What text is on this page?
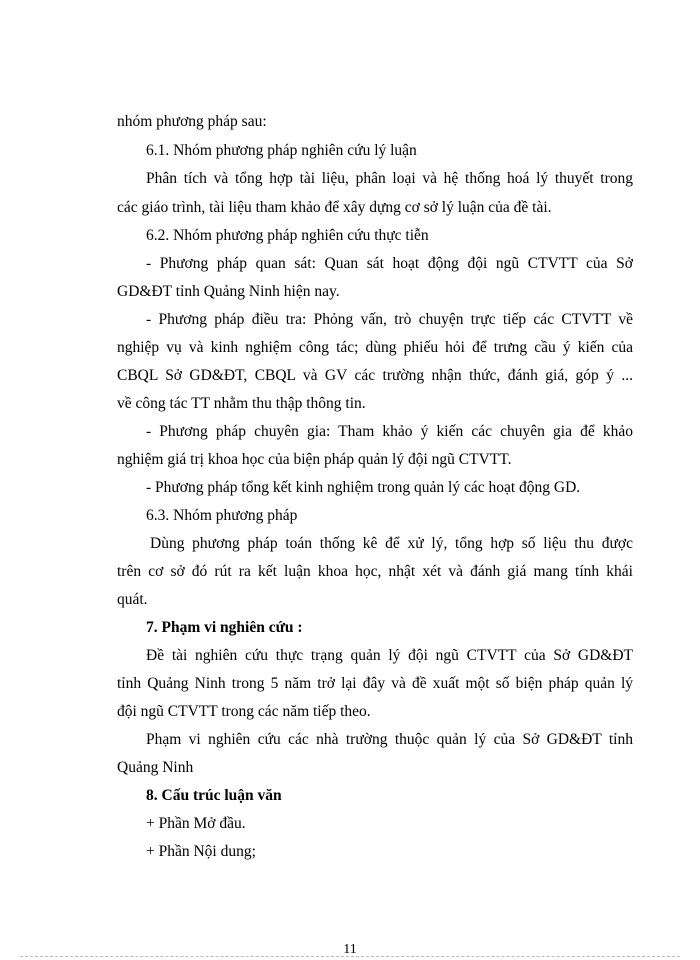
nhóm phương pháp sau:
6.1. Nhóm phương pháp nghiên cứu lý luận
Phân tích và tổng hợp tài liệu, phân loại và hệ thống hoá lý thuyết trong
các giáo trình, tài liệu tham khảo để xây dựng cơ sở lý luận của đề tài.
6.2. Nhóm phương pháp nghiên cứu thực tiễn
- Phương pháp quan sát: Quan sát hoạt động đội ngũ CTVTT của Sở
GD&ĐT tỉnh Quảng Ninh hiện nay.
- Phương pháp điều tra: Phỏng vấn, trò chuyện trực tiếp các CTVTT về
nghiệp vụ và kinh nghiệm công tác; dùng phiếu hỏi để trưng cầu ý kiến của
CBQL Sở GD&ĐT, CBQL và GV các trường nhận thức, đánh giá, góp ý ...
về công tác TT nhằm thu thập thông tin.
- Phương pháp chuyên gia: Tham khảo ý kiến các chuyên gia để khảo
nghiệm giá trị khoa học của biện pháp quản lý đội ngũ CTVTT.
- Phương pháp tổng kết kinh nghiệm trong quản lý các hoạt động GD.
6.3. Nhóm phương pháp
Dùng phương pháp toán thống kê để xử lý, tổng hợp số liệu thu được
trên cơ sở đó rút ra kết luận khoa học, nhật xét và đánh giá mang tính khái
quát.
7. Phạm vi nghiên cứu :
Đề tài nghiên cứu thực trạng quản lý đội ngũ CTVTT của Sở GD&ĐT
tỉnh Quảng Ninh trong 5 năm trở lại đây và đề xuất một số biện pháp quản lý
đội ngũ CTVTT trong các năm tiếp theo.
Phạm vi nghiên cứu các nhà trường thuộc quản lý của Sở GD&ĐT tỉnh
Quảng Ninh
8. Cấu trúc luận văn
+ Phần Mở đầu.
+ Phần Nội dung;
11
